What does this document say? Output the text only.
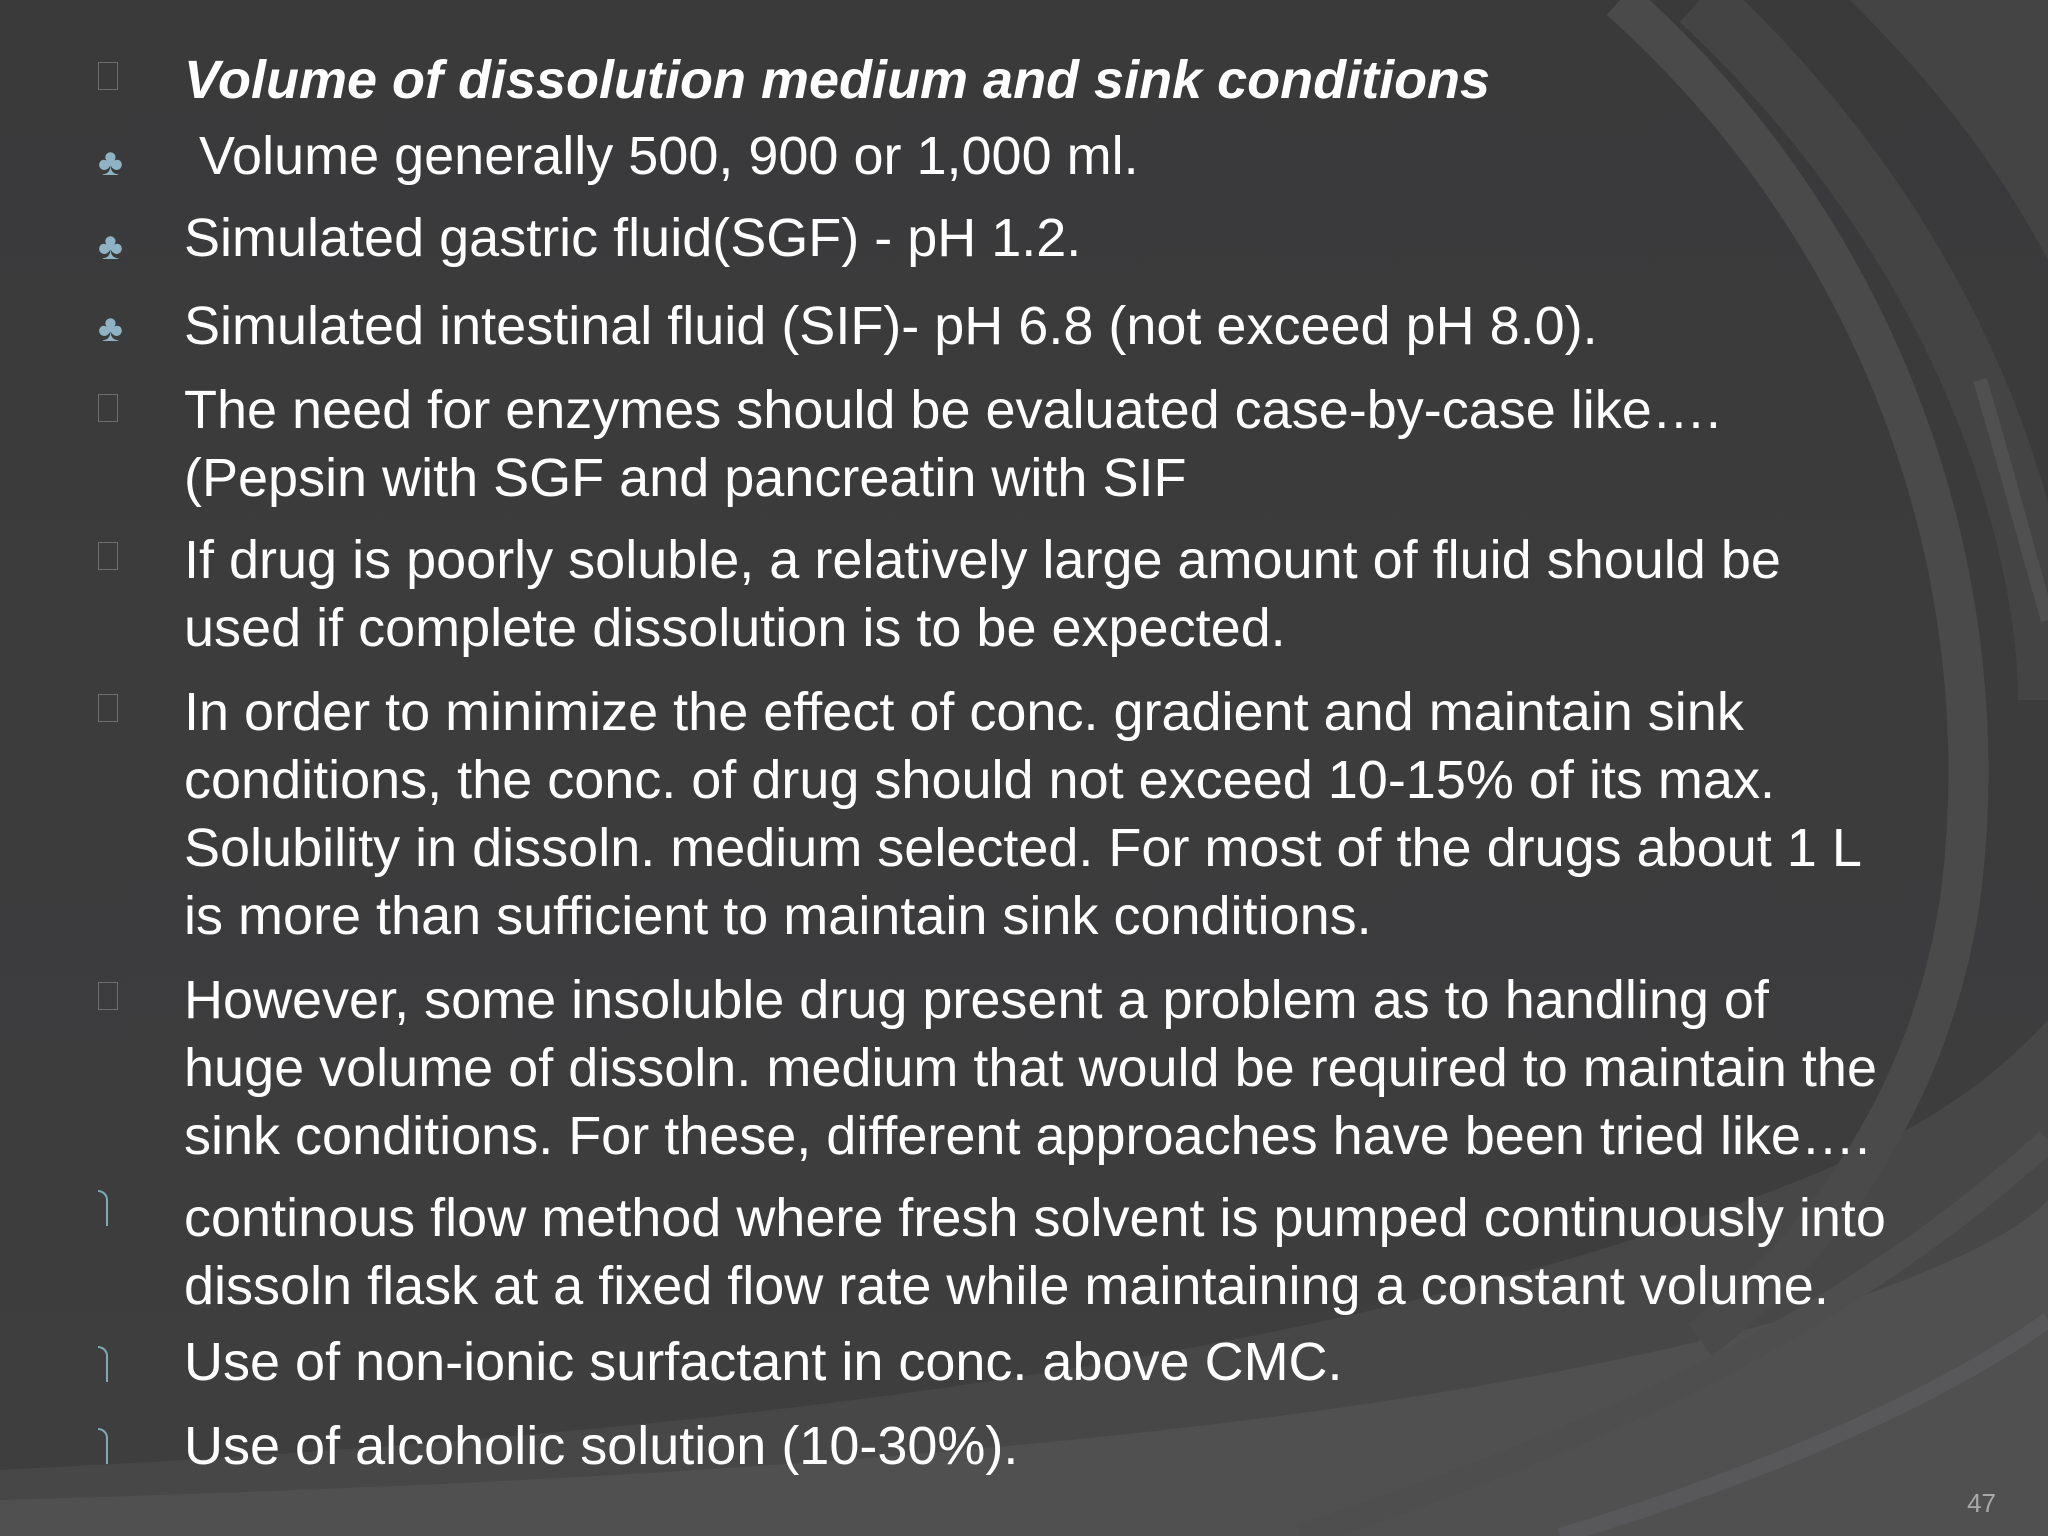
Volume of dissolution medium and sink conditions
♣ Volume generally 500, 900 or 1,000 ml.
♣ Simulated gastric fluid(SGF) - pH 1.2.
♣ Simulated intestinal fluid (SIF)- pH 6.8 (not exceed pH 8.0).
The need for enzymes should be evaluated case-by-case like….
(Pepsin with SGF and pancreatin with SIF
If drug is poorly soluble, a relatively large amount of fluid should be
used if complete dissolution is to be expected.
In order to minimize the effect of conc. gradient and maintain sink
conditions, the conc. of drug should not exceed 10-15% of its max.
Solubility in dissoln. medium selected. For most of the drugs about 1 L
is more than sufficient to maintain sink conditions.
However, some insoluble drug present a problem as to handling of
huge volume of dissoln. medium that would be required to maintain the
sink conditions. For these, different approaches have been tried like….
continous flow method where fresh solvent is pumped continuously into
dissoln flask at a fixed flow rate while maintaining a constant volume.
Use of non-ionic surfactant in conc. above CMC.
Use of alcoholic solution (10-30%).
47
